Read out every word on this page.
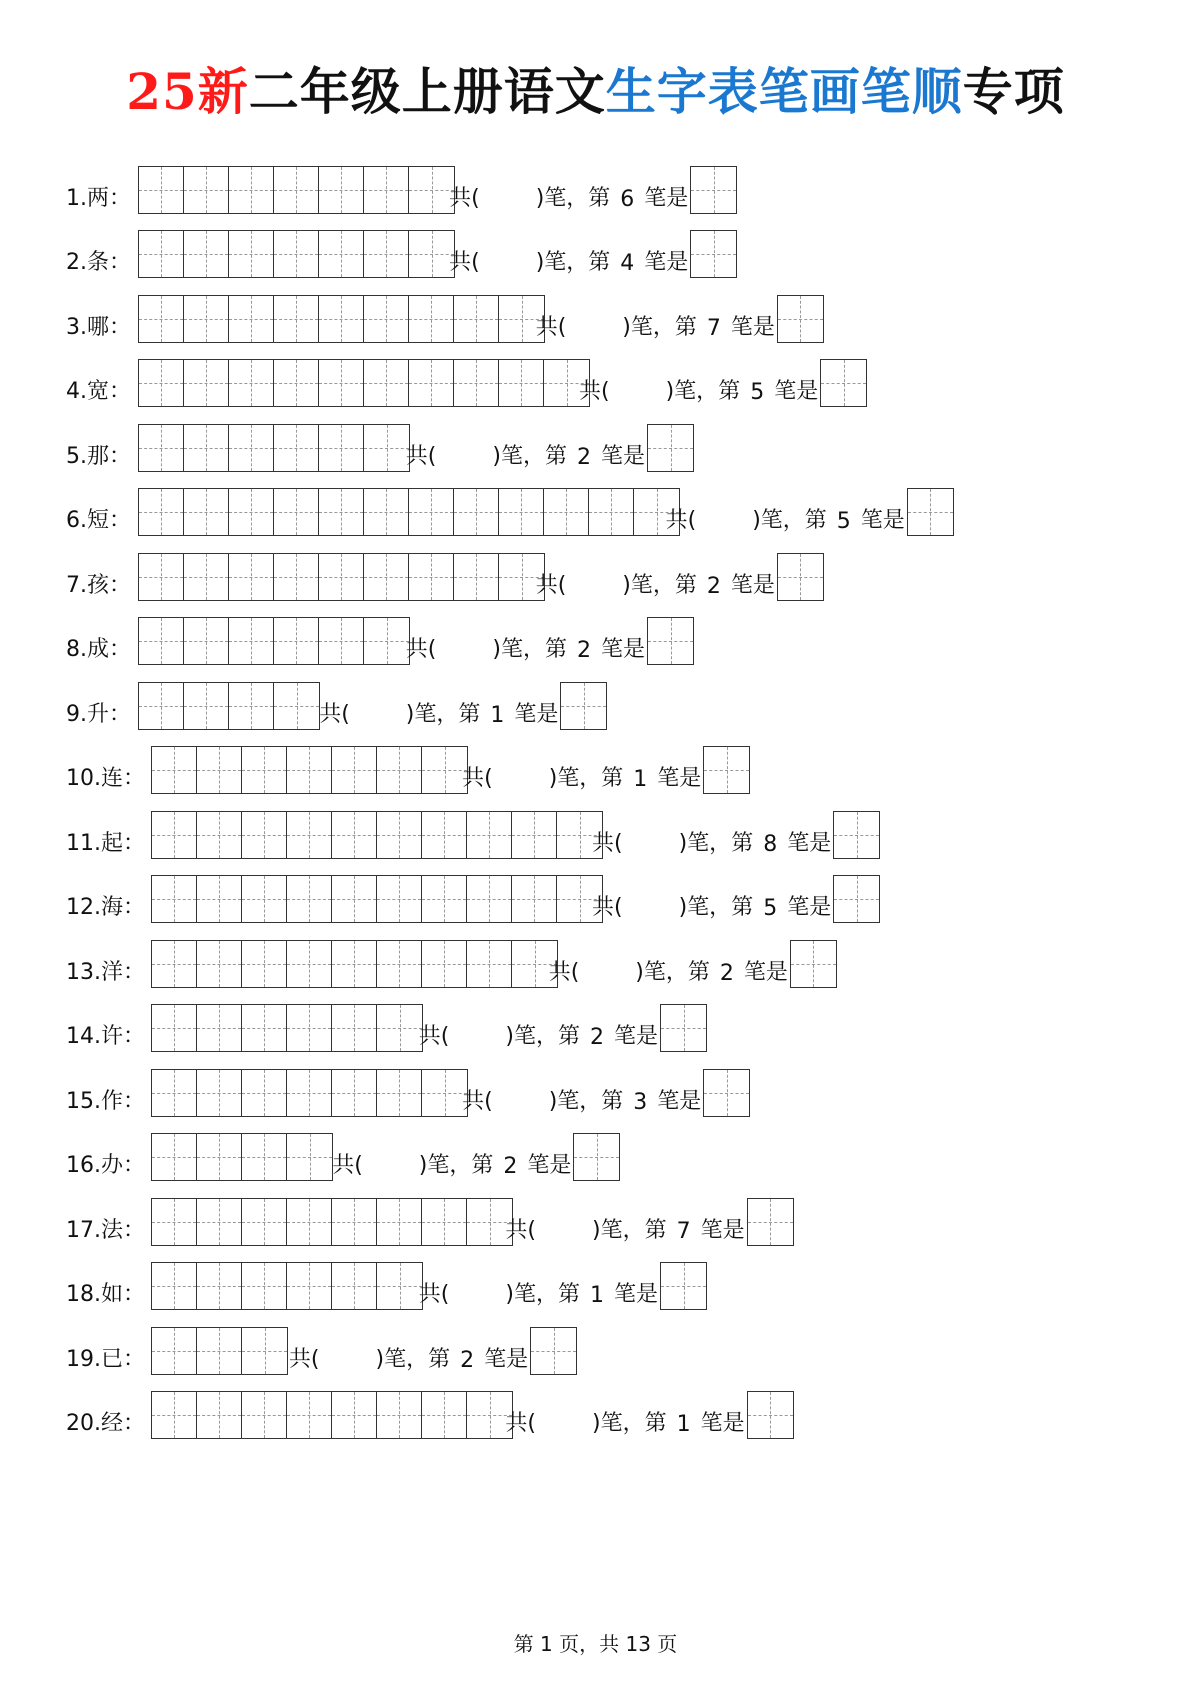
25新二年级上册语文生字表笔画笔顺专项
1.两：	共(	)笔， 第 6 笔是
2.条：	共(	)笔， 第 4 笔是
3.哪：	共(	)笔， 第 7 笔是
4.宽：	共(	)笔， 第 5 笔是
5.那：	共(	)笔， 第 2 笔是
6.短：	共(	)笔， 第 5 笔是
7.孩：	共(	)笔， 第 2 笔是
8.成：	共(	)笔， 第 2 笔是
9.升：	共(	)笔， 第 1 笔是
10.连：	共(	)笔， 第 1 笔是
11.起：	共(	)笔， 第 8 笔是
12.海：	共(	)笔， 第 5 笔是
13.洋：	共(	)笔， 第 2 笔是
14.许：	共(	)笔， 第 2 笔是
15.作：	共(	)笔， 第 3 笔是
16.办：	共(	)笔， 第 2 笔是
17.法：	共(	)笔， 第 7 笔是
18.如：	共(	)笔， 第 1 笔是
19.已：	共(	)笔， 第 2 笔是
20.经：	共(	)笔， 第 1 笔是
第 1 页，共 13 页
